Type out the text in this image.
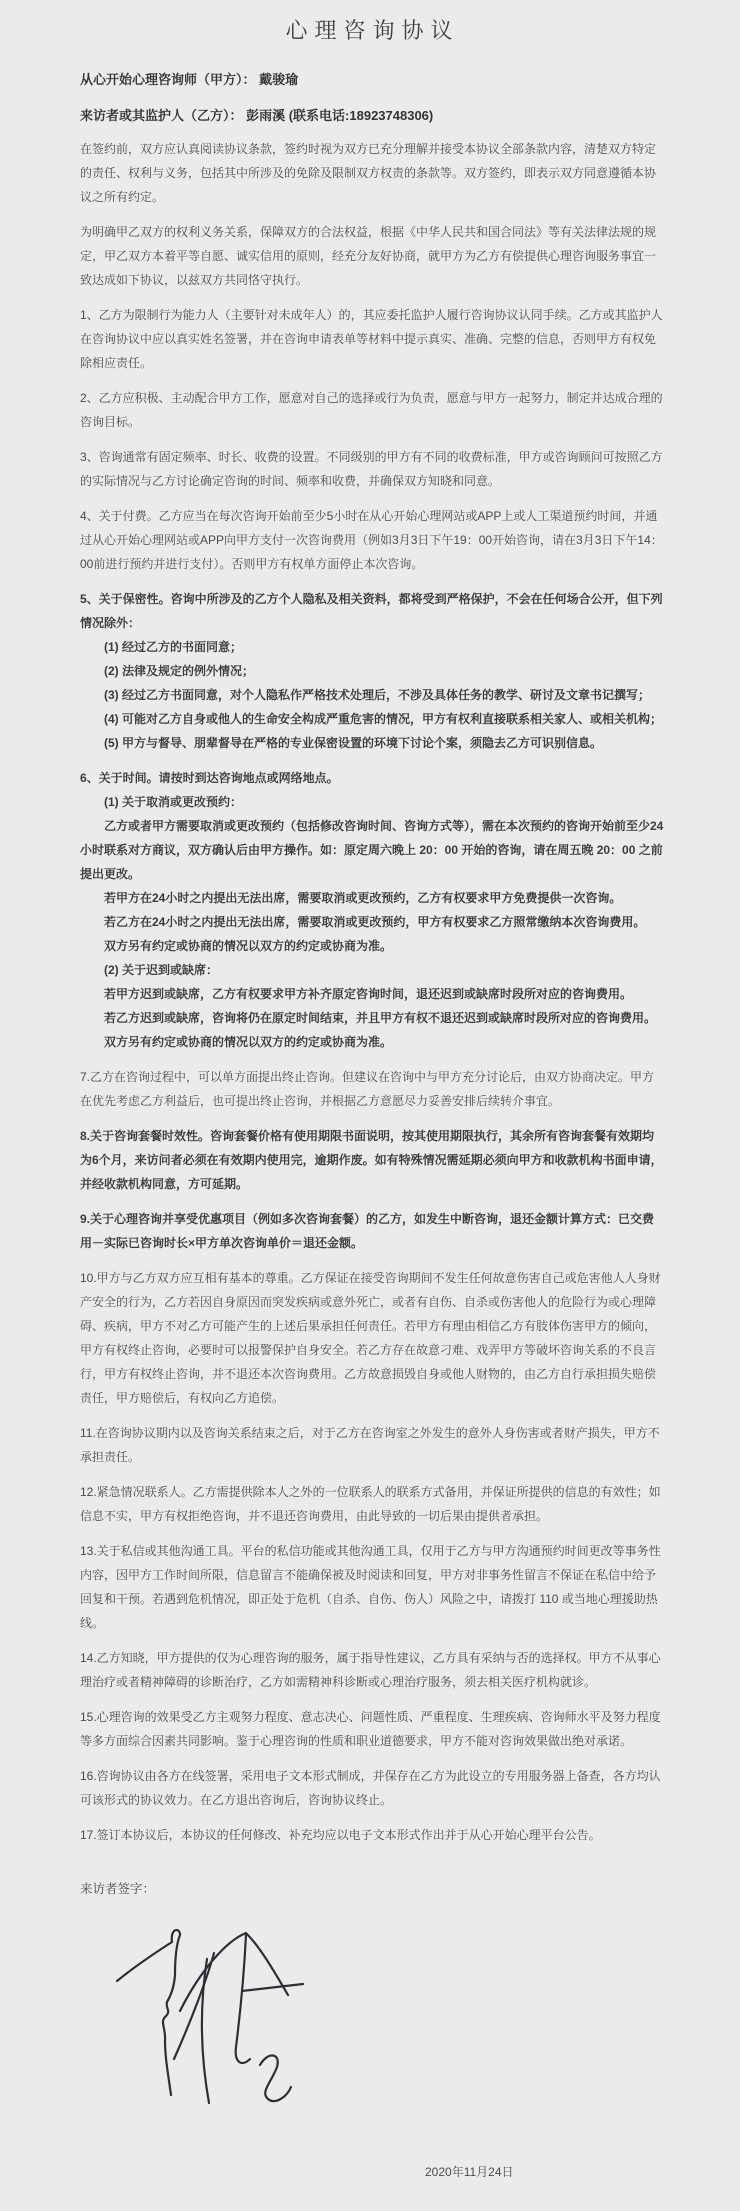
心理咨询协议
从心开始心理咨询师（甲方）： 戴骏瑜
来访者或其监护人（乙方）： 彭雨溪 (联系电话:18923748306)
在签约前，双方应认真阅读协议条款，签约时视为双方已充分理解并接受本协议全部条款内容，清楚双方特定的责任、权利与义务，包括其中所涉及的免除及限制双方权责的条款等。双方签约，即表示双方同意遵循本协议之所有约定。
为明确甲乙双方的权利义务关系，保障双方的合法权益，根据《中华人民共和国合同法》等有关法律法规的规定，甲乙双方本着平等自愿、诚实信用的原则，经充分友好协商，就甲方为乙方有偿提供心理咨询服务事宜一致达成如下协议，以兹双方共同恪守执行。
1、乙方为限制行为能力人（主要针对未成年人）的，其应委托监护人履行咨询协议认同手续。乙方或其监护人在咨询协议中应以真实姓名签署，并在咨询申请表单等材料中提示真实、准确、完整的信息，否则甲方有权免除相应责任。
2、乙方应积极、主动配合甲方工作，愿意对自己的选择或行为负责，愿意与甲方一起努力，制定并达成合理的咨询目标。
3、咨询通常有固定频率、时长、收费的设置。不同级别的甲方有不同的收费标准，甲方或咨询顾问可按照乙方的实际情况与乙方讨论确定咨询的时间、频率和收费，并确保双方知晓和同意。
4、关于付费。乙方应当在每次咨询开始前至少5小时在从心开始心理网站或APP上或人工渠道预约时间，并通过从心开始心理网站或APP向甲方支付一次咨询费用（例如3月3日下午19：00开始咨询，请在3月3日下午14：00前进行预约并进行支付）。否则甲方有权单方面停止本次咨询。
5、关于保密性。咨询中所涉及的乙方个人隐私及相关资料，都将受到严格保护，不会在任何场合公开，但下列情况除外：
(1) 经过乙方的书面同意；
(2) 法律及规定的例外情况；
(3) 经过乙方书面同意，对个人隐私作严格技术处理后，不涉及具体任务的教学、研讨及文章书记撰写；
(4) 可能对乙方自身或他人的生命安全构成严重危害的情况，甲方有权利直接联系相关家人、或相关机构；
(5) 甲方与督导、朋辈督导在严格的专业保密设置的环境下讨论个案，须隐去乙方可识别信息。
6、关于时间。请按时到达咨询地点或网络地点。
(1) 关于取消或更改预约：
乙方或者甲方需要取消或更改预约（包括修改咨询时间、咨询方式等），需在本次预约的咨询开始前至少24小时联系对方商议，双方确认后由甲方操作。如：原定周六晚上 20：00 开始的咨询，请在周五晚 20：00 之前提出更改。
若甲方在24小时之内提出无法出席，需要取消或更改预约，乙方有权要求甲方免费提供一次咨询。
若乙方在24小时之内提出无法出席，需要取消或更改预约，甲方有权要求乙方照常缴纳本次咨询费用。
双方另有约定或协商的情况以双方的约定或协商为准。
(2) 关于迟到或缺席：
若甲方迟到或缺席，乙方有权要求甲方补齐原定咨询时间，退还迟到或缺席时段所对应的咨询费用。
若乙方迟到或缺席，咨询将仍在原定时间结束，并且甲方有权不退还迟到或缺席时段所对应的咨询费用。
双方另有约定或协商的情况以双方的约定或协商为准。
7.乙方在咨询过程中，可以单方面提出终止咨询。但建议在咨询中与甲方充分讨论后，由双方协商决定。甲方在优先考虑乙方利益后，也可提出终止咨询，并根据乙方意愿尽力妥善安排后续转介事宜。
8.关于咨询套餐时效性。咨询套餐价格有使用期限书面说明，按其使用期限执行，其余所有咨询套餐有效期均为6个月，来访问者必须在有效期内使用完，逾期作废。如有特殊情况需延期必须向甲方和收款机构书面申请，并经收款机构同意，方可延期。
9.关于心理咨询并享受优惠项目（例如多次咨询套餐）的乙方，如发生中断咨询，退还金额计算方式：已交费用－实际已咨询时长×甲方单次咨询单价＝退还金额。
10.甲方与乙方双方应互相有基本的尊重。乙方保证在接受咨询期间不发生任何故意伤害自己或危害他人人身财产安全的行为，乙方若因自身原因而突发疾病或意外死亡，或者有自伤、自杀或伤害他人的危险行为或心理障碍、疾病，甲方不对乙方可能产生的上述后果承担任何责任。若甲方有理由相信乙方有肢体伤害甲方的倾向，甲方有权终止咨询，必要时可以报警保护自身安全。若乙方存在故意刁难、戏弄甲方等破坏咨询关系的不良言行，甲方有权终止咨询，并不退还本次咨询费用。乙方故意损毁自身或他人财物的，由乙方自行承担损失赔偿责任，甲方赔偿后，有权向乙方追偿。
11.在咨询协议期内以及咨询关系结束之后，对于乙方在咨询室之外发生的意外人身伤害或者财产损失，甲方不承担责任。
12.紧急情况联系人。乙方需提供除本人之外的一位联系人的联系方式备用，并保证所提供的信息的有效性；如信息不实，甲方有权拒绝咨询，并不退还咨询费用，由此导致的一切后果由提供者承担。
13.关于私信或其他沟通工具。平台的私信功能或其他沟通工具，仅用于乙方与甲方沟通预约时间更改等事务性内容，因甲方工作时间所限，信息留言不能确保被及时阅读和回复，甲方对非事务性留言不保证在私信中给予回复和干预。若遇到危机情况，即正处于危机（自杀、自伤、伤人）风险之中，请拨打 110 或当地心理援助热线。
14.乙方知晓，甲方提供的仅为心理咨询的服务，属于指导性建议，乙方具有采纳与否的选择权。甲方不从事心理治疗或者精神障碍的诊断治疗，乙方如需精神科诊断或心理治疗服务，须去相关医疗机构就诊。
15.心理咨询的效果受乙方主观努力程度、意志决心、问题性质、严重程度、生理疾病、咨询师水平及努力程度等多方面综合因素共同影响。鉴于心理咨询的性质和职业道德要求，甲方不能对咨询效果做出绝对承诺。
16.咨询协议由各方在线签署，采用电子文本形式制成，并保存在乙方为此设立的专用服务器上备查，各方均认可该形式的协议效力。在乙方退出咨询后，咨询协议终止。
17.签订本协议后，本协议的任何修改、补充均应以电子文本形式作出并于从心开始心理平台公告。
来访者签字：
2020年11月24日
